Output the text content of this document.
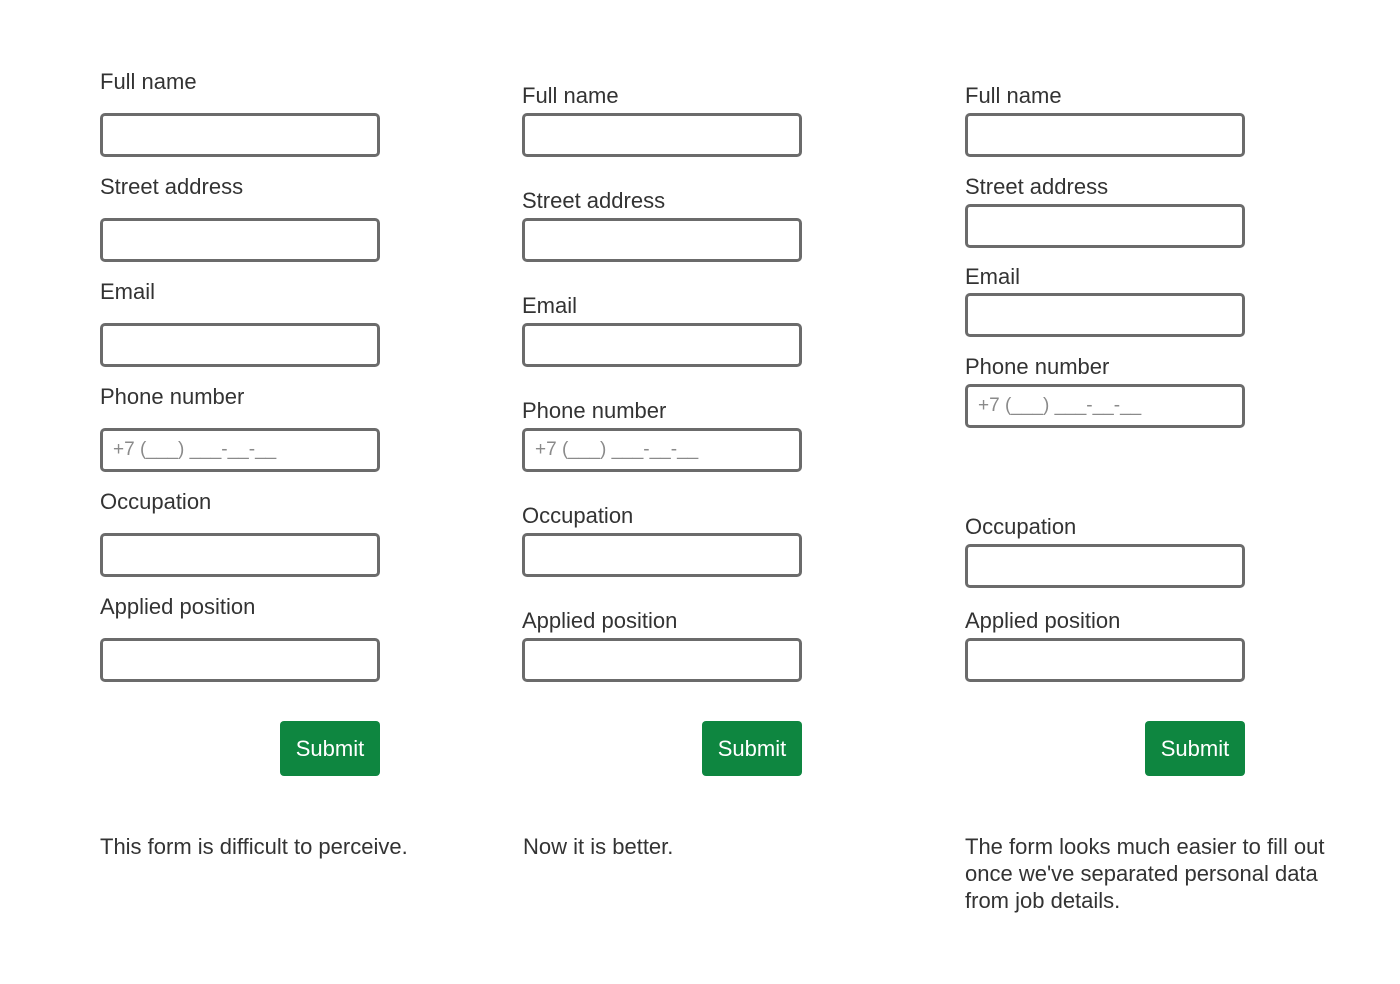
Full name
Street address
Email
Phone number
+7 (___) ___-__-__
Occupation
Applied position
Submit
This form is difficult to perceive.
Full name
Street address
Email
Phone number
+7 (___) ___-__-__
Occupation
Applied position
Submit
Now it is better.
Full name
Street address
Email
Phone number
+7 (___) ___-__-__
Occupation
Applied position
Submit
The form looks much easier to fill out once we've separated personal data from job details.
